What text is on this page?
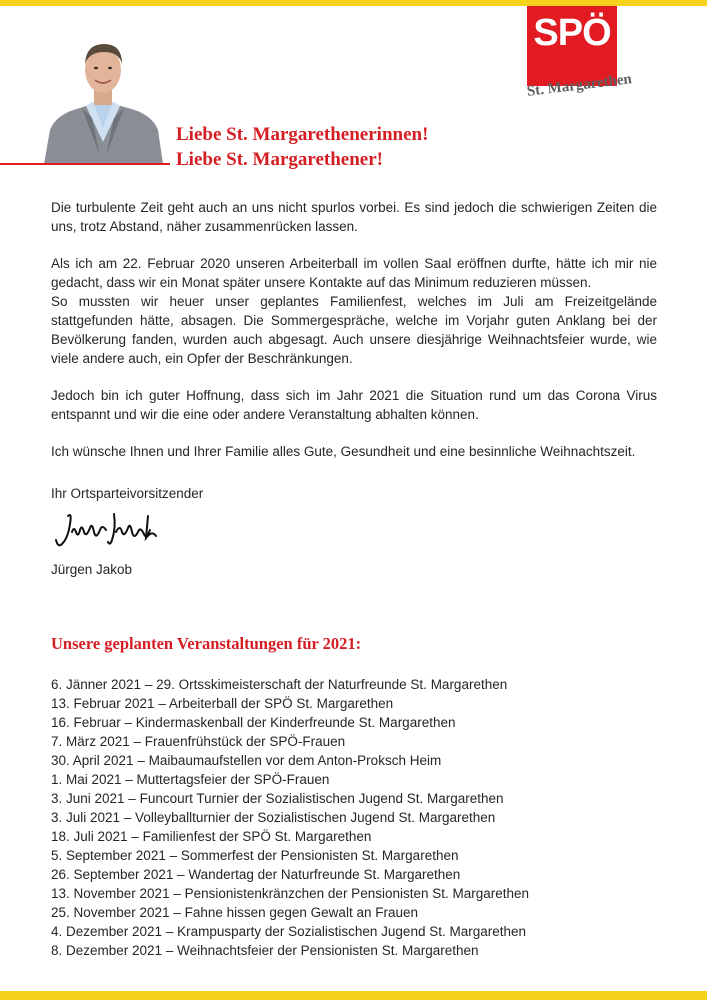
SPÖ
St. Margarethen
Liebe St. Margarethenerinnen!
Liebe St. Margarethener!

Die turbulente Zeit geht auch an uns nicht spurlos vorbei. Es sind jedoch die schwierigen Zeiten die uns, trotz Abstand, näher zusammenrücken lassen.

Als ich am 22. Februar 2020 unseren Arbeiterball im vollen Saal eröffnen durfte, hätte ich mir nie gedacht, dass wir ein Monat später unsere Kontakte auf das Minimum reduzieren müssen.
So mussten wir heuer unser geplantes Familienfest, welches im Juli am Freizeitgelände stattgefunden hätte, absagen. Die Sommergespräche, welche im Vorjahr guten Anklang bei der Bevölkerung fanden, wurden auch abgesagt. Auch unsere diesjährige Weihnachtsfeier wurde, wie viele andere auch, ein Opfer der Beschränkungen.

Jedoch bin ich guter Hoffnung, dass sich im Jahr 2021 die Situation rund um das Corona Virus entspannt und wir die eine oder andere Veranstaltung abhalten können.

Ich wünsche Ihnen und Ihrer Familie alles Gute, Gesundheit und eine besinnliche Weihnachtszeit.

Ihr Ortsparteivorsitzender
Jürgen Jakob
Unsere geplanten Veranstaltungen für 2021:
6. Jänner 2021 – 29. Ortsskimeisterschaft der Naturfreunde St. Margarethen
13. Februar 2021 – Arbeiterball der SPÖ St. Margarethen
16. Februar – Kindermaskenball der Kinderfreunde St. Margarethen
7. März 2021 – Frauenfrühstück der SPÖ-Frauen
30. April 2021 – Maibaumaufstellen vor dem Anton-Proksch Heim
1. Mai 2021 – Muttertagsfeier der SPÖ-Frauen
3. Juni 2021 – Funcourt Turnier der Sozialistischen Jugend St. Margarethen
3. Juli 2021 – Volleyballturnier der Sozialistischen Jugend St. Margarethen
18. Juli 2021 – Familienfest der SPÖ St. Margarethen
5. September 2021 – Sommerfest der Pensionisten St. Margarethen
26. September 2021 – Wandertag der Naturfreunde St. Margarethen
13. November 2021 – Pensionistenkränzchen der Pensionisten St. Margarethen
25. November 2021 – Fahne hissen gegen Gewalt an Frauen
4. Dezember 2021 – Krampusparty der Sozialistischen Jugend St. Margarethen
8. Dezember 2021 – Weihnachtsfeier der Pensionisten St. Margarethen
